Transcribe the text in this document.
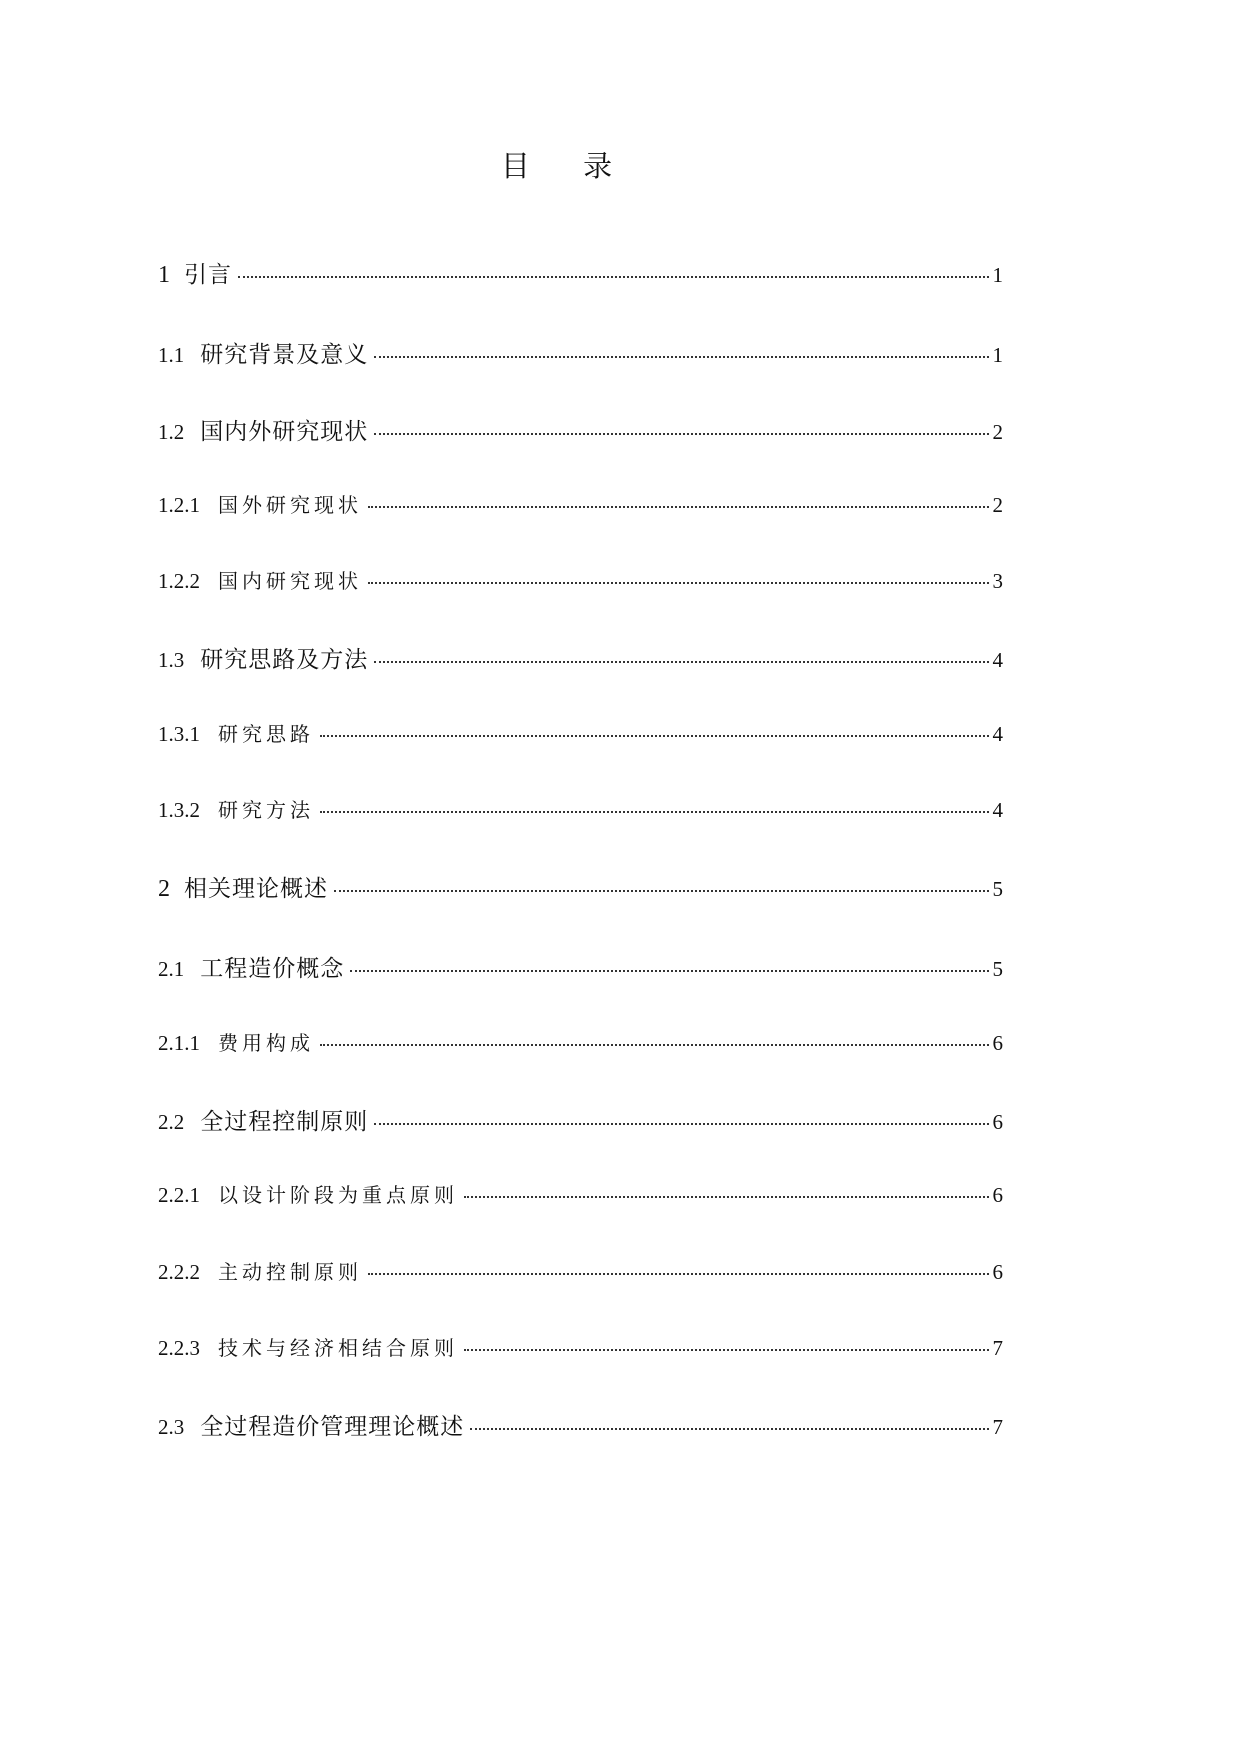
目 录
1 引言	1
1.1 研究背景及意义	1
1.2 国内外研究现状	2
1.2.1 国外研究现状	2
1.2.2 国内研究现状	3
1.3 研究思路及方法	4
1.3.1 研究思路	4
1.3.2 研究方法	4
2 相关理论概述	5
2.1 工程造价概念	5
2.1.1 费用构成	6
2.2 全过程控制原则	6
2.2.1 以设计阶段为重点原则	6
2.2.2 主动控制原则	6
2.2.3 技术与经济相结合原则	7
2.3 全过程造价管理理论概述	7
